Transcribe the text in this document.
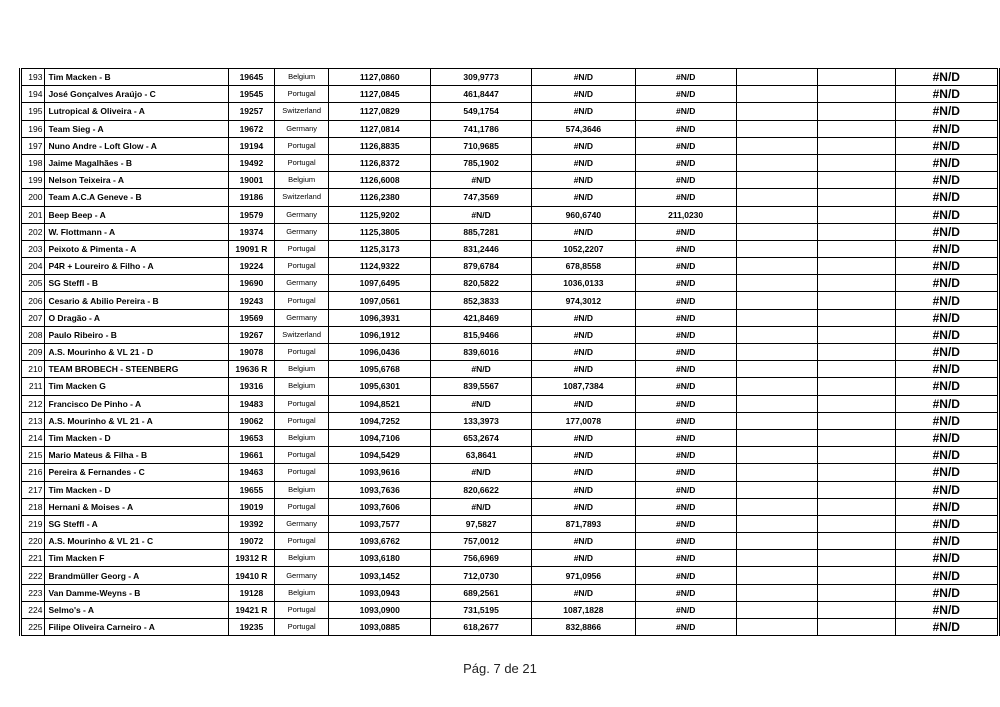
193	Tim Macken - B	19645	Belgium	1127,0860	309,9773	#N/D	#N/D			#N/D
194	José Gonçalves Araújo - C	19545	Portugal	1127,0845	461,8447	#N/D	#N/D			#N/D
195	Lutropical & Oliveira - A	19257	Switzerland	1127,0829	549,1754	#N/D	#N/D			#N/D
196	Team Sieg - A	19672	Germany	1127,0814	741,1786	574,3646	#N/D			#N/D
197	Nuno Andre - Loft Glow - A	19194	Portugal	1126,8835	710,9685	#N/D	#N/D			#N/D
198	Jaime Magalhães - B	19492	Portugal	1126,8372	785,1902	#N/D	#N/D			#N/D
199	Nelson Teixeira - A	19001	Belgium	1126,6008	#N/D	#N/D	#N/D			#N/D
200	Team A.C.A Geneve - B	19186	Switzerland	1126,2380	747,3569	#N/D	#N/D			#N/D
201	Beep Beep - A	19579	Germany	1125,9202	#N/D	960,6740	211,0230			#N/D
202	W. Flottmann - A	19374	Germany	1125,3805	885,7281	#N/D	#N/D			#N/D
203	Peixoto & Pimenta - A	19091 R	Portugal	1125,3173	831,2446	1052,2207	#N/D			#N/D
204	P4R + Loureiro & Filho - A	19224	Portugal	1124,9322	879,6784	678,8558	#N/D			#N/D
205	SG Steffl - B	19690	Germany	1097,6495	820,5822	1036,0133	#N/D			#N/D
206	Cesario & Abilio Pereira - B	19243	Portugal	1097,0561	852,3833	974,3012	#N/D			#N/D
207	O Dragão - A	19569	Germany	1096,3931	421,8469	#N/D	#N/D			#N/D
208	Paulo Ribeiro - B	19267	Switzerland	1096,1912	815,9466	#N/D	#N/D			#N/D
209	A.S. Mourinho & VL 21 - D	19078	Portugal	1096,0436	839,6016	#N/D	#N/D			#N/D
210	TEAM BROBECH - STEENBERG	19636 R	Belgium	1095,6768	#N/D	#N/D	#N/D			#N/D
211	Tim Macken G	19316	Belgium	1095,6301	839,5567	1087,7384	#N/D			#N/D
212	Francisco De Pinho - A	19483	Portugal	1094,8521	#N/D	#N/D	#N/D			#N/D
213	A.S. Mourinho & VL 21 - A	19062	Portugal	1094,7252	133,3973	177,0078	#N/D			#N/D
214	Tim Macken - D	19653	Belgium	1094,7106	653,2674	#N/D	#N/D			#N/D
215	Mario Mateus & Filha - B	19661	Portugal	1094,5429	63,8641	#N/D	#N/D			#N/D
216	Pereira & Fernandes - C	19463	Portugal	1093,9616	#N/D	#N/D	#N/D			#N/D
217	Tim Macken - D	19655	Belgium	1093,7636	820,6622	#N/D	#N/D			#N/D
218	Hernani & Moises - A	19019	Portugal	1093,7606	#N/D	#N/D	#N/D			#N/D
219	SG Steffl - A	19392	Germany	1093,7577	97,5827	871,7893	#N/D			#N/D
220	A.S. Mourinho & VL 21 - C	19072	Portugal	1093,6762	757,0012	#N/D	#N/D			#N/D
221	Tim Macken F	19312 R	Belgium	1093,6180	756,6969	#N/D	#N/D			#N/D
222	Brandmüller Georg - A	19410 R	Germany	1093,1452	712,0730	971,0956	#N/D			#N/D
223	Van Damme-Weyns - B	19128	Belgium	1093,0943	689,2561	#N/D	#N/D			#N/D
224	Selmo's - A	19421 R	Portugal	1093,0900	731,5195	1087,1828	#N/D			#N/D
225	Filipe Oliveira Carneiro - A	19235	Portugal	1093,0885	618,2677	832,8866	#N/D			#N/D
Pág. 7 de 21
